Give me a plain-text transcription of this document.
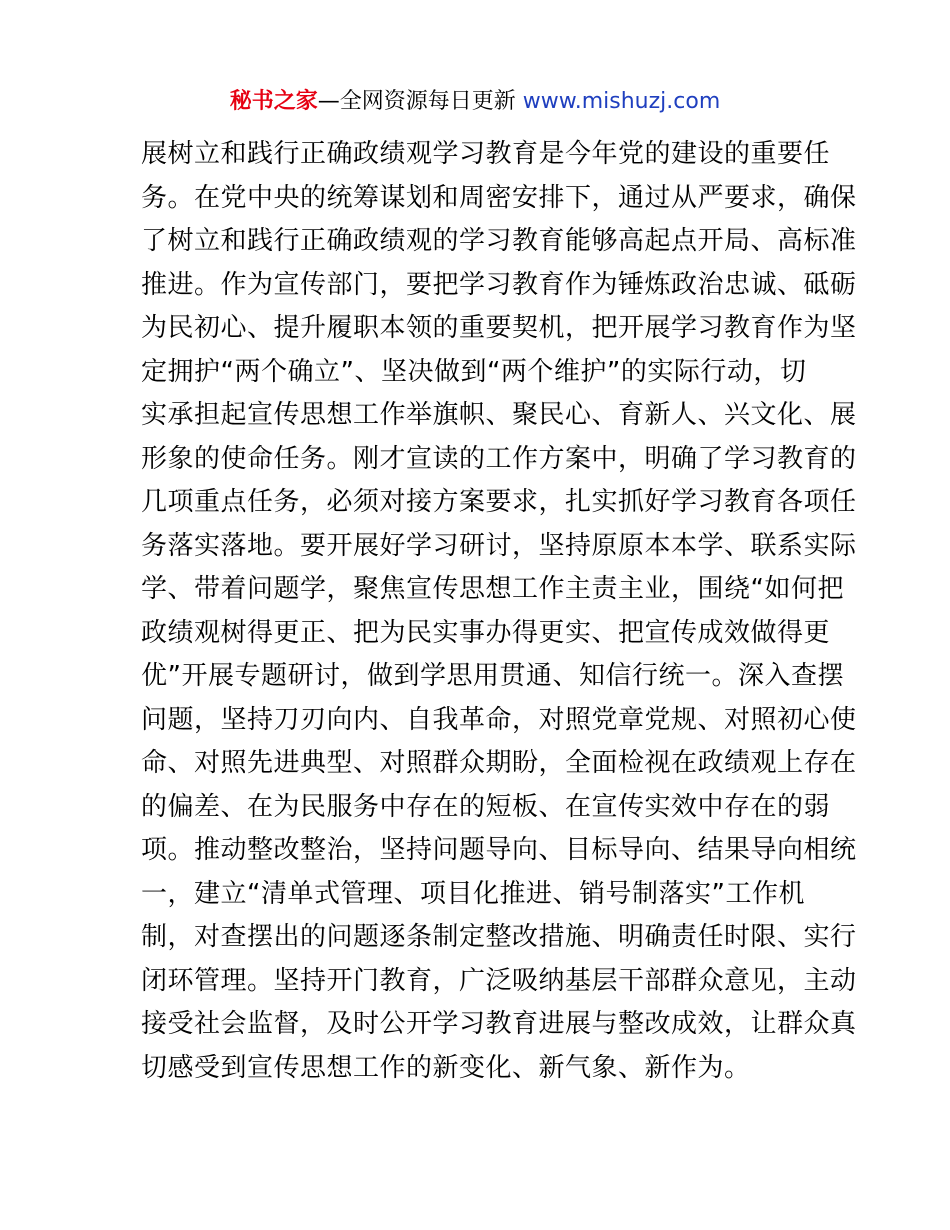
秘书之家—全网资源每日更新 www.mishuzj.com
展树立和践行正确政绩观学习教育是今年党的建设的重要任
务。在党中央的统筹谋划和周密安排下，通过从严要求，确保
了树立和践行正确政绩观的学习教育能够高起点开局、高标准
推进。作为宣传部门，要把学习教育作为锤炼政治忠诚、砥砺
为民初心、提升履职本领的重要契机，把开展学习教育作为坚
定拥护“两个确立”、坚决做到“两个维护”的实际行动，切
实承担起宣传思想工作举旗帜、聚民心、育新人、兴文化、展
形象的使命任务。刚才宣读的工作方案中，明确了学习教育的
几项重点任务，必须对接方案要求，扎实抓好学习教育各项任
务落实落地。要开展好学习研讨，坚持原原本本学、联系实际
学、带着问题学，聚焦宣传思想工作主责主业，围绕“如何把
政绩观树得更正、把为民实事办得更实、把宣传成效做得更
优”开展专题研讨，做到学思用贯通、知信行统一。深入查摆
问题，坚持刀刃向内、自我革命，对照党章党规、对照初心使
命、对照先进典型、对照群众期盼，全面检视在政绩观上存在
的偏差、在为民服务中存在的短板、在宣传实效中存在的弱
项。推动整改整治，坚持问题导向、目标导向、结果导向相统
一，建立“清单式管理、项目化推进、销号制落实”工作机
制，对查摆出的问题逐条制定整改措施、明确责任时限、实行
闭环管理。坚持开门教育，广泛吸纳基层干部群众意见，主动
接受社会监督，及时公开学习教育进展与整改成效，让群众真
切感受到宣传思想工作的新变化、新气象、新作为。
